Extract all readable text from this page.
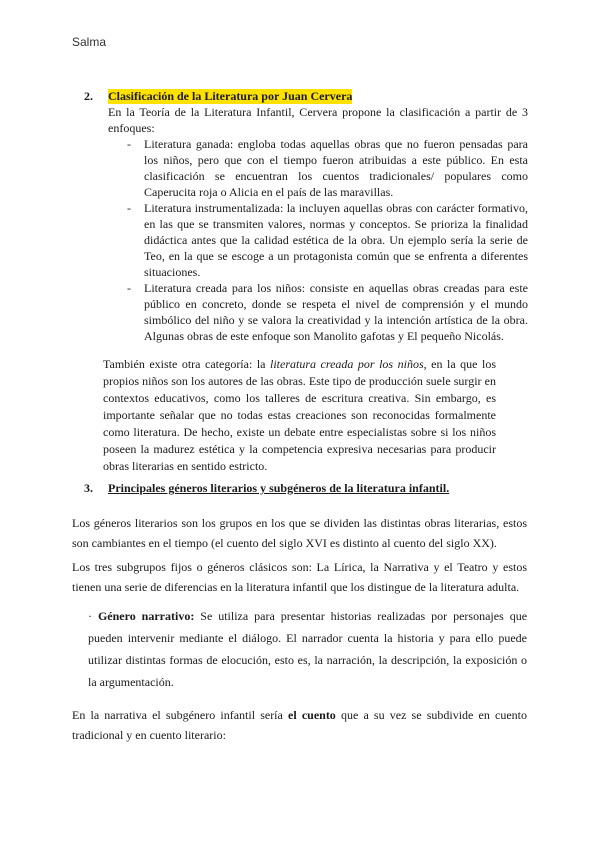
Salma
2. Clasificación de la Literatura por Juan Cervera

En la Teoría de la Literatura Infantil, Cervera propone la clasificación a partir de 3 enfoques:

- Literatura ganada: engloba todas aquellas obras que no fueron pensadas para los niños, pero que con el tiempo fueron atribuidas a este público. En esta clasificación se encuentran los cuentos tradicionales/ populares como Caperucita roja o Alicia en el país de las maravillas.
- Literatura instrumentalizada: la incluyen aquellas obras con carácter formativo, en las que se transmiten valores, normas y conceptos. Se prioriza la finalidad didáctica antes que la calidad estética de la obra. Un ejemplo sería la serie de Teo, en la que se escoge a un protagonista común que se enfrenta a diferentes situaciones.
- Literatura creada para los niños: consiste en aquellas obras creadas para este público en concreto, donde se respeta el nivel de comprensión y el mundo simbólico del niño y se valora la creatividad y la intención artística de la obra. Algunas obras de este enfoque son Manolito gafotas y El pequeño Nicolás.

También existe otra categoría: la literatura creada por los niños, en la que los propios niños son los autores de las obras. Este tipo de producción suele surgir en contextos educativos, como los talleres de escritura creativa. Sin embargo, es importante señalar que no todas estas creaciones son reconocidas formalmente como literatura. De hecho, existe un debate entre especialistas sobre si los niños poseen la madurez estética y la competencia expresiva necesarias para producir obras literarias en sentido estricto.

3. Principales géneros literarios y subgéneros de la literatura infantil.

Los géneros literarios son los grupos en los que se dividen las distintas obras literarias, estos son cambiantes en el tiempo (el cuento del siglo XVI es distinto al cuento del siglo XX).

Los tres subgrupos fijos o géneros clásicos son: La Lírica, la Narrativa y el Teatro y estos tienen una serie de diferencias en la literatura infantil que los distingue de la literatura adulta.

· Género narrativo: Se utiliza para presentar historias realizadas por personajes que pueden intervenir mediante el diálogo. El narrador cuenta la historia y para ello puede utilizar distintas formas de elocución, esto es, la narración, la descripción, la exposición o la argumentación.

En la narrativa el subgénero infantil sería el cuento que a su vez se subdivide en cuento tradicional y en cuento literario:
